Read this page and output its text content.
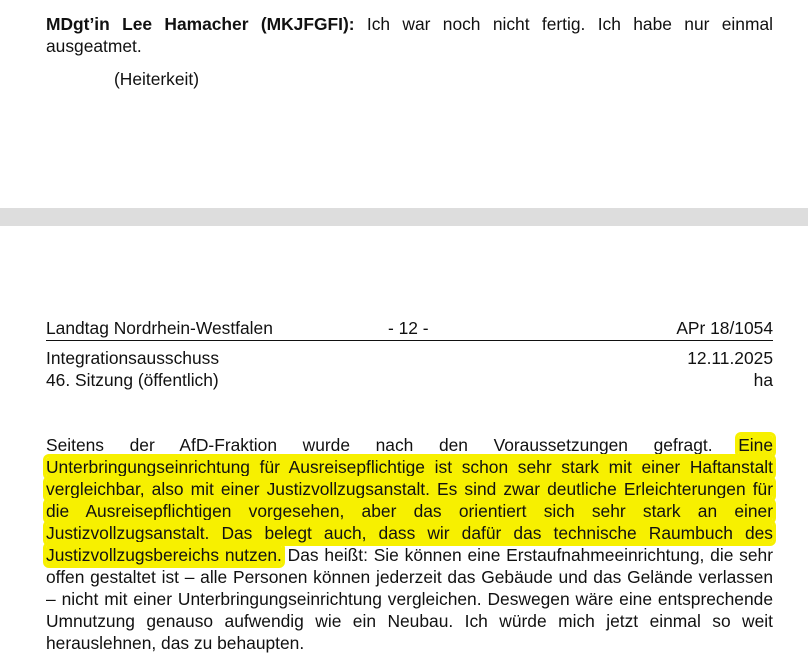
MDgt’in Lee Hamacher (MKJFGFI): Ich war noch nicht fertig. Ich habe nur einmal ausgeatmet.

(Heiterkeit)
Landtag Nordrhein-Westfalen	- 12 -	APr 18/1054
Integrationsausschuss	12.11.2025
46. Sitzung (öffentlich)	ha

Seitens der AfD-Fraktion wurde nach den Voraussetzungen gefragt. Eine Unterbringungseinrichtung für Ausreisepflichtige ist schon sehr stark mit einer Haftanstalt vergleichbar, also mit einer Justizvollzugsanstalt. Es sind zwar deutliche Erleichterungen für die Ausreisepflichtigen vorgesehen, aber das orientiert sich sehr stark an einer Justizvollzugsanstalt. Das belegt auch, dass wir dafür das technische Raumbuch des Justizvollzugsbereichs nutzen. Das heißt: Sie können eine Erstaufnahmeeinrichtung, die sehr offen gestaltet ist – alle Personen können jederzeit das Gebäude und das Gelände verlassen – nicht mit einer Unterbringungseinrichtung vergleichen. Deswegen wäre eine entsprechende Umnutzung genauso aufwendig wie ein Neubau. Ich würde mich jetzt einmal so weit herauslehnen, das zu behaupten.
